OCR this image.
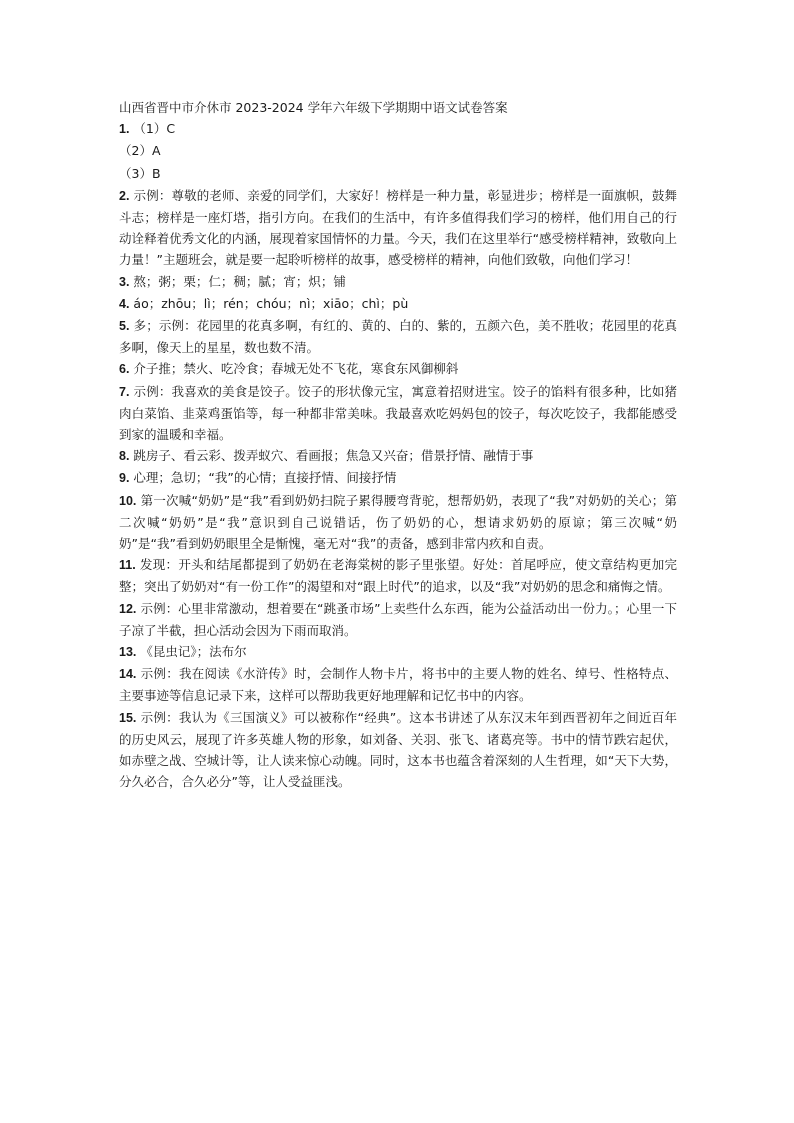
山西省晋中市介休市 2023-2024 学年六年级下学期期中语文试卷答案

1. （1）C

（2）A

（3）B

2. 示例：尊敬的老师、亲爱的同学们，大家好！榜样是一种力量，彰显进步；榜样是一面旗帜，鼓舞斗志；榜样是一座灯塔，指引方向。在我们的生活中，有许多值得我们学习的榜样，他们用自己的行动诠释着优秀文化的内涵，展现着家国情怀的力量。今天，我们在这里举行“感受榜样精神，致敬向上力量！”主题班会，就是要一起聆听榜样的故事，感受榜样的精神，向他们致敬，向他们学习！

3. 熬；粥；栗；仁；稠；腻；宵；炽；铺

4. áo；zhōu；lì；rén；chóu；nì；xiāo；chì；pù

5. 多；示例：花园里的花真多啊，有红的、黄的、白的、紫的，五颜六色，美不胜收；花园里的花真多啊，像天上的星星，数也数不清。

6. 介子推；禁火、吃冷食；春城无处不飞花，寒食东风御柳斜

7. 示例：我喜欢的美食是饺子。饺子的形状像元宝，寓意着招财进宝。饺子的馅料有很多种，比如猪肉白菜馅、韭菜鸡蛋馅等，每一种都非常美味。我最喜欢吃妈妈包的饺子，每次吃饺子，我都能感受到家的温暖和幸福。

8. 跳房子、看云彩、拨弄蚁穴、看画报；焦急又兴奋；借景抒情、融情于事

9. 心理；急切；“我”的心情；直接抒情、间接抒情

10. 第一次喊“奶奶”是“我”看到奶奶扫院子累得腰弯背驼，想帮奶奶，表现了“我”对奶奶的关心；第二次喊“奶奶”是“我”意识到自己说错话，伤了奶奶的心，想请求奶奶的原谅；第三次喊“奶奶”是“我”看到奶奶眼里全是惭愧，毫无对“我”的责备，感到非常内疚和自责。

11. 发现：开头和结尾都提到了奶奶在老海棠树的影子里张望。好处：首尾呼应，使文章结构更加完整；突出了奶奶对“有一份工作”的渴望和对“跟上时代”的追求，以及“我”对奶奶的思念和痛悔之情。

12. 示例：心里非常激动，想着要在“跳蚤市场”上卖些什么东西，能为公益活动出一份力。；心里一下子凉了半截，担心活动会因为下雨而取消。

13. 《昆虫记》；法布尔

14. 示例：我在阅读《水浒传》时，会制作人物卡片，将书中的主要人物的姓名、绰号、性格特点、主要事迹等信息记录下来，这样可以帮助我更好地理解和记忆书中的内容。

15. 示例：我认为《三国演义》可以被称作“经典”。这本书讲述了从东汉末年到西晋初年之间近百年的历史风云，展现了许多英雄人物的形象，如刘备、关羽、张飞、诸葛亮等。书中的情节跌宕起伏，如赤壁之战、空城计等，让人读来惊心动魄。同时，这本书也蕴含着深刻的人生哲理，如“天下大势，分久必合，合久必分”等，让人受益匪浅。
